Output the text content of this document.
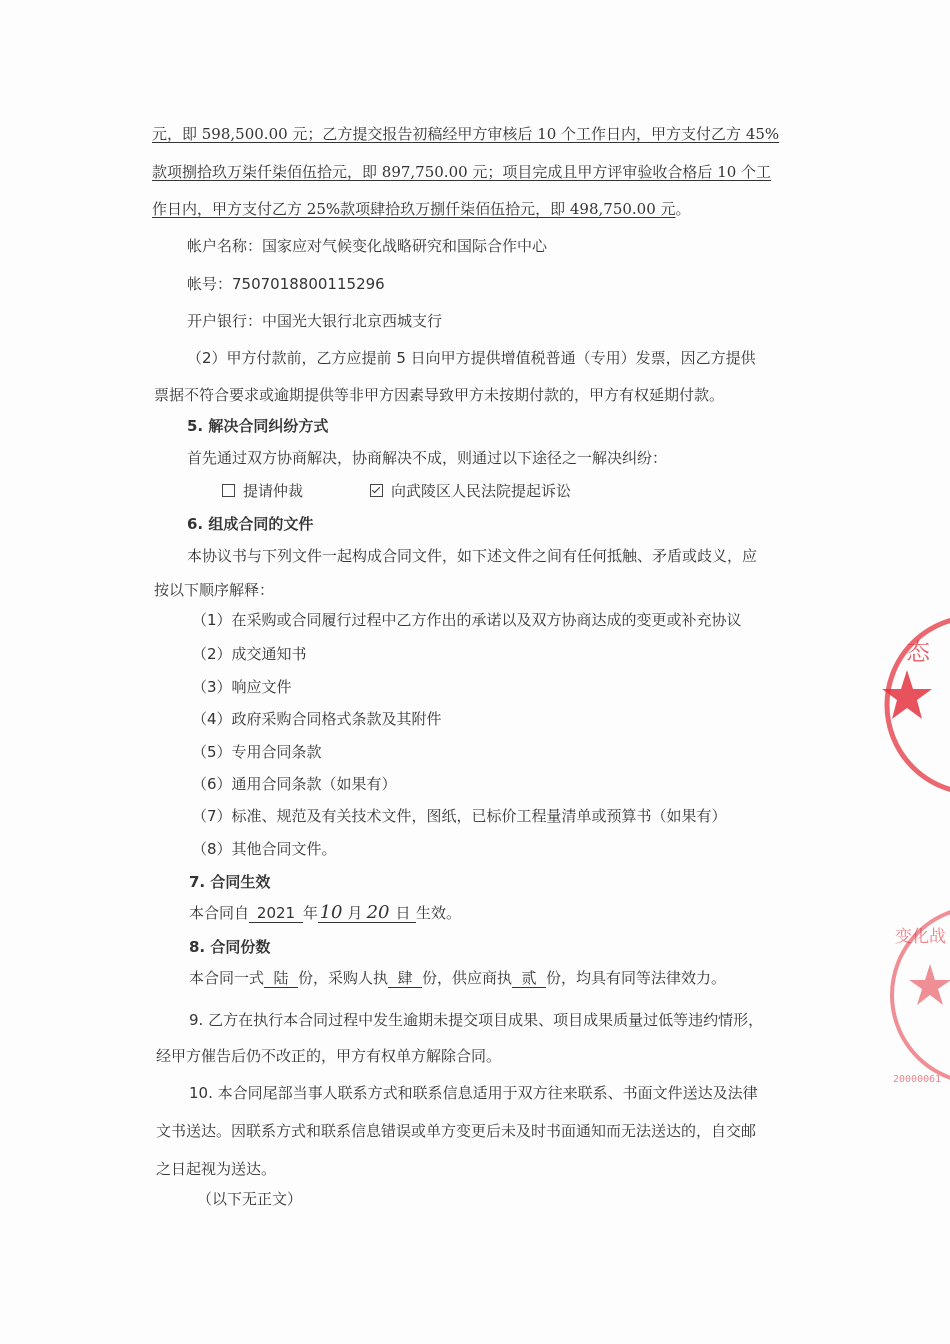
元，即 598,500.00 元；乙方提交报告初稿经甲方审核后 10 个工作日内，甲方支付乙方 45%
款项捌拾玖万柒仟柒佰伍拾元，即 897,750.00 元；项目完成且甲方评审验收合格后 10 个工
作日内，甲方支付乙方 25%款项肆拾玖万捌仟柒佰伍拾元，即 498,750.00 元。
帐户名称：国家应对气候变化战略研究和国际合作中心
帐号：7507018800115296
开户银行：中国光大银行北京西城支行
（2）甲方付款前，乙方应提前 5 日向甲方提供增值税普通（专用）发票，因乙方提供
票据不符合要求或逾期提供等非甲方因素导致甲方未按期付款的，甲方有权延期付款。
5. 解决合同纠纷方式
首先通过双方协商解决，协商解决不成，则通过以下途径之一解决纠纷：
提请仲裁	向武陵区人民法院提起诉讼
6. 组成合同的文件
本协议书与下列文件一起构成合同文件，如下述文件之间有任何抵触、矛盾或歧义，应
按以下顺序解释：
（1）在采购或合同履行过程中乙方作出的承诺以及双方协商达成的变更或补充协议
（2）成交通知书
（3）响应文件
（4）政府采购合同格式条款及其附件
（5）专用合同条款
（6）通用合同条款（如果有）
（7）标准、规范及有关技术文件，图纸，已标价工程量清单或预算书（如果有）
（8）其他合同文件。
7. 合同生效
本合同自 2021 年10 月 20 日 生效。
8. 合同份数
本合同一式 陆 份，采购人执 肆 份，供应商执 贰 份，均具有同等法律效力。
9. 乙方在执行本合同过程中发生逾期未提交项目成果、项目成果质量过低等违约情形，
经甲方催告后仍不改正的，甲方有权单方解除合同。
10. 本合同尾部当事人联系方式和联系信息适用于双方往来联系、书面文件送达及法律
文书送达。因联系方式和联系信息错误或单方变更后未及时书面通知而无法送达的，自交邮
之日起视为送达。
（以下无正文）
态
变化战
20000061
